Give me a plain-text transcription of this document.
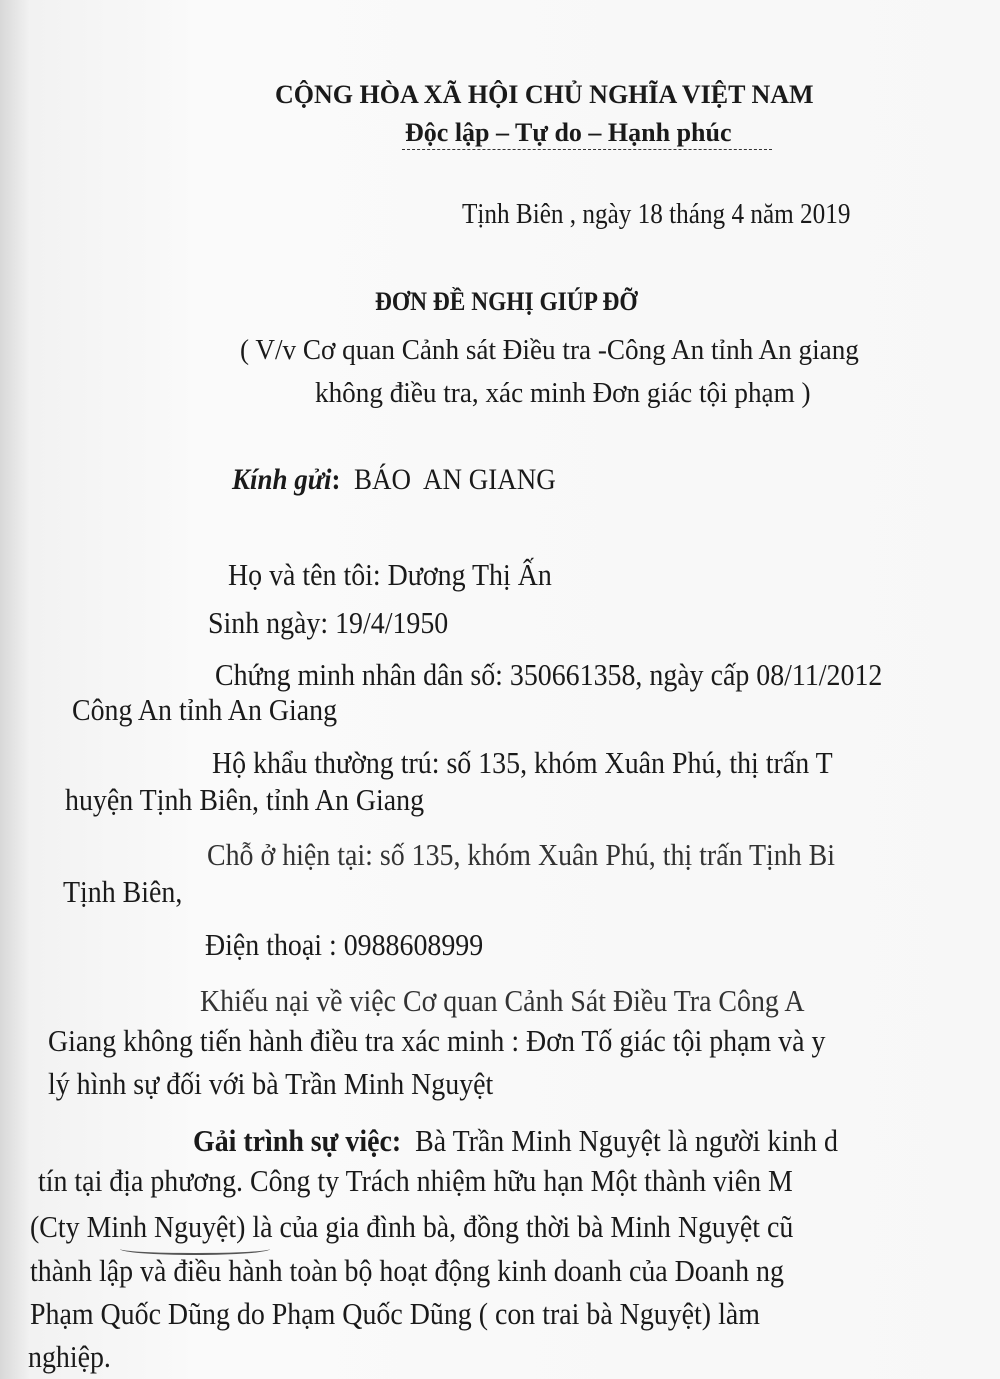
CỘNG HÒA XÃ HỘI CHỦ NGHĨA VIỆT NAM
Độc lập – Tự do – Hạnh phúc
Tịnh Biên , ngày 18 tháng 4 năm 2019
ĐƠN ĐỀ NGHỊ GIÚP ĐỠ
( V/v Cơ quan Cảnh sát Điều tra -Công An tỉnh An giang
không điều tra, xác minh Đơn giác tội phạm )
Kính gửi:  BÁO  AN GIANG
Họ và tên tôi: Dương Thị Ấn
Sinh ngày: 19/4/1950
Chứng minh nhân dân số: 350661358, ngày cấp 08/11/2012
Công An tỉnh An Giang
Hộ khẩu thường trú: số 135, khóm Xuân Phú, thị trấn T
huyện Tịnh Biên, tỉnh An Giang
Chỗ ở hiện tại: số 135, khóm Xuân Phú, thị trấn Tịnh Bi
Tịnh Biên,
Điện thoại : 0988608999
Khiếu nại về việc Cơ quan Cảnh Sát Điều Tra Công A
Giang không tiến hành điều tra xác minh : Đơn Tố giác tội phạm và y
lý hình sự đối với bà Trần Minh Nguyệt
Gải trình sự việc:  Bà Trần Minh Nguyệt là người kinh d
tín tại địa phương. Công ty Trách nhiệm hữu hạn Một thành viên M
(Cty Minh Nguyệt) là của gia đình bà, đồng thời bà Minh Nguyệt cũ
thành lập và điều hành toàn bộ hoạt động kinh doanh của Doanh ng
Phạm Quốc Dũng do Phạm Quốc Dũng ( con trai bà Nguyệt) làm
nghiệp.
